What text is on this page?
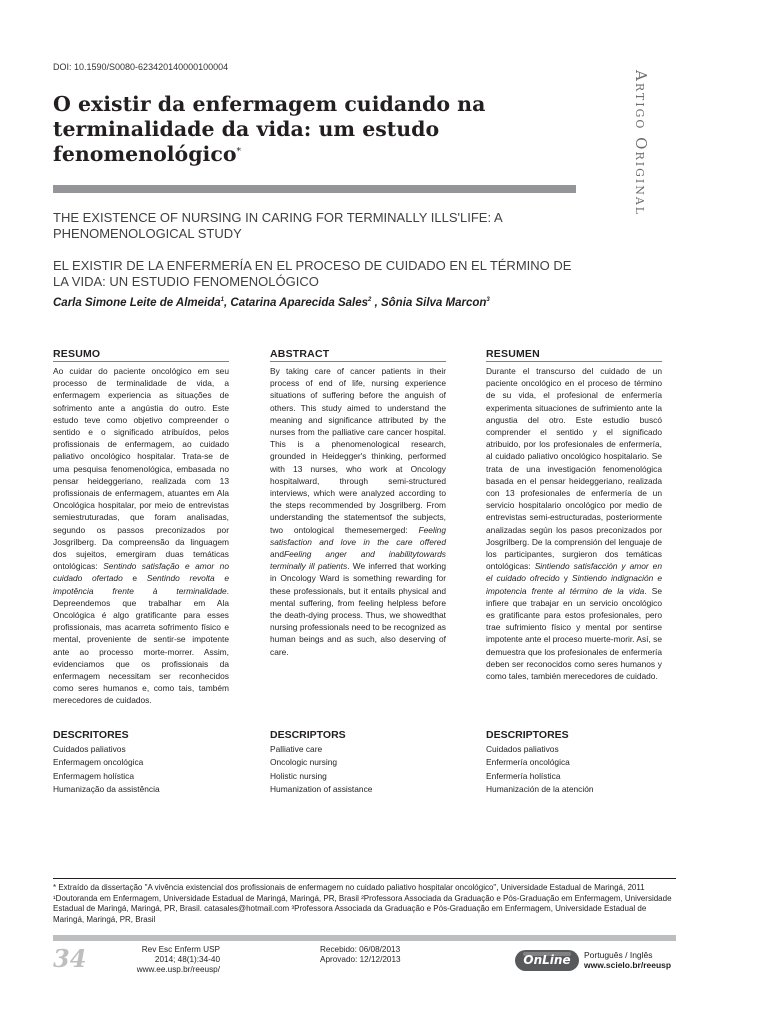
DOI: 10.1590/S0080-623420140000100004
O existir da enfermagem cuidando na terminalidade da vida: um estudo fenomenológico*	Artigo Original
THE EXISTENCE OF NURSING IN CARING FOR TERMINALLY ILLS'LIFE: A PHENOMENOLOGICAL STUDY
EL EXISTIR DE LA ENFERMERÍA EN EL PROCESO DE CUIDADO EN EL TÉRMINO DE LA VIDA: UN ESTUDIO FENOMENOLÓGICO
Carla Simone Leite de Almeida$^1$, Catarina Aparecida Sales$^2$ , Sônia Silva Marcon$^3$
RESUMO

Ao cuidar do paciente oncológico em seu processo de terminalidade de vida, a enfermagem experiencia as situações de sofrimento ante a angústia do outro. Este estudo teve como objetivo compreender o sentido e o significado atribuídos, pelos profissionais de enfermagem, ao cuidado paliativo oncológico hospitalar. Trata-se de uma pesquisa fenomenológica, embasada no pensar heideggeriano, realizada com 13 profissionais de enfermagem, atuantes em Ala Oncológica hospitalar, por meio de entrevistas semiestruturadas, que foram analisadas, segundo os passos preconizados por Josgrilberg. Da compreensão da linguagem dos sujeitos, emergiram duas temáticas ontológicas: Sentindo satisfação e amor no cuidado ofertado e Sentindo revolta e impotência frente à terminalidade. Depreendemos que trabalhar em Ala Oncológica é algo gratificante para esses profissionais, mas acarreta sofrimento físico e mental, proveniente de sentir-se impotente ante ao processo morte-morrer. Assim, evidenciamos que os profissionais da enfermagem necessitam ser reconhecidos como seres humanos e, como tais, também merecedores de cuidados.

ABSTRACT

By taking care of cancer patients in their process of end of life, nursing experience situations of suffering before the anguish of others. This study aimed to understand the meaning and significance attributed by the nurses from the palliative care cancer hospital. This is a phenomenological research, grounded in Heidegger's thinking, performed with 13 nurses, who work at Oncology hospitalward, through semi-structured interviews, which were analyzed according to the steps recommended by Josgrilberg. From understanding the statementsof the subjects, two ontological themesemerged: Feeling satisfaction and love in the care offered andFeeling anger and inabilitytowards terminally ill patients. We inferred that working in Oncology Ward is something rewarding for these professionals, but it entails physical and mental suffering, from feeling helpless before the death-dying process. Thus, we showedthat nursing professionals need to be recognized as human beings and as such, also deserving of care.

RESUMEN

Durante el transcurso del cuidado de un paciente oncológico en el proceso de término de su vida, el profesional de enfermería experimenta situaciones de sufrimiento ante la angustia del otro. Este estudio buscó comprender el sentido y el significado atribuido, por los profesionales de enfermería, al cuidado paliativo oncológico hospitalario. Se trata de una investigación fenomenológica basada en el pensar heideggeriano, realizada con 13 profesionales de enfermería de un servicio hospitalario oncológico por medio de entrevistas semi-estructuradas, posteriormente analizadas según los pasos preconizados por Josgrilberg. De la comprensión del lenguaje de los participantes, surgieron dos temáticas ontológicas: Sintiendo satisfacción y amor en el cuidado ofrecido y Sintiendo indignación e impotencia frente al término de la vida. Se infiere que trabajar en un servicio oncológico es gratificante para estos profesionales, pero trae sufrimiento físico y mental por sentirse impotente ante el proceso muerte-morir. Así, se demuestra que los profesionales de enfermería deben ser reconocidos como seres humanos y como tales, también merecedores de cuidado.

DESCRITORES
Cuidados paliativos
Enfermagem oncológica
Enfermagem holística
Humanização da assistência
DESCRIPTORS
Palliative care
Oncologic nursing
Holistic nursing
Humanization of assistance
DESCRIPTORES
Cuidados paliativos
Enfermería oncológica
Enfermería holística
Humanización de la atención
* Extraído da dissertação "A vivência existencial dos profissionais de enfermagem no cuidado paliativo hospitalar oncológico", Universidade Estadual de Maringá, 2011 ¹Doutoranda em Enfermagem, Universidade Estadual de Maringá, Maringá, PR, Brasil ²Professora Associada da Graduação e Pós-Graduação em Enfermagem, Universidade Estadual de Maringá, Maringá, PR, Brasil. catasales@hotmail.com ³Professora Associada da Graduação e Pós-Graduação em Enfermagem, Universidade Estadual de Maringá, Maringá, PR, Brasil
34	Rev Esc Enferm USP
2014; 48(1):34-40
www.ee.usp.br/reeusp/
Recebido: 06/08/2013
Aprovado: 12/12/2013	OnLine	Português / Inglês
www.scielo.br/reeusp
